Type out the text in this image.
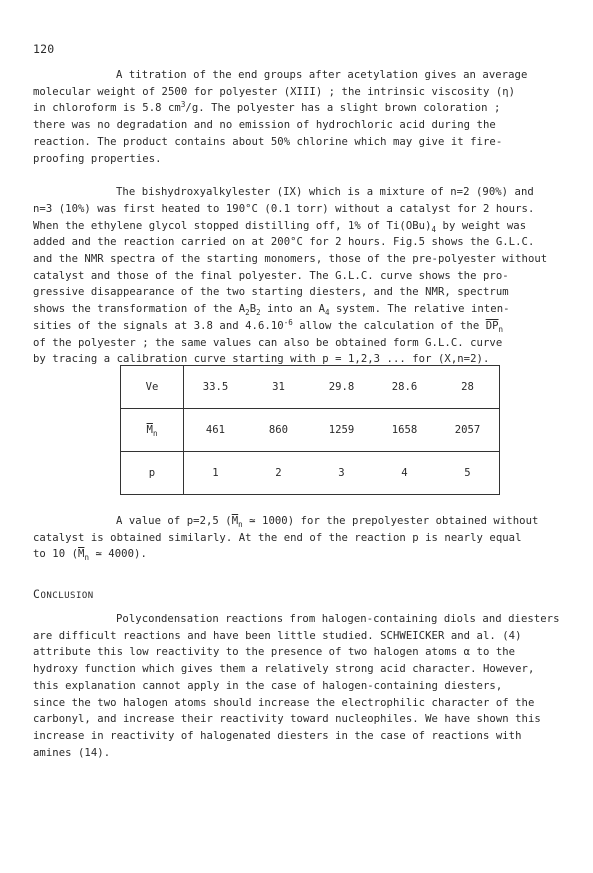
120
A titration of the end groups after acetylation gives an average
molecular weight of 2500 for polyester (XIII) ; the intrinsic viscosity (η)
in chloroform is 5.8 $cm^3/g$. The polyester has a slight brown coloration ;
there was no degradation and no emission of hydrochloric acid during the
reaction. The product contains about 50% chlorine which may give it fire-
proofing properties.
The bishydroxyalkylester (IX) which is a mixture of n=2 (90%) and
n=3 (10%) was first heated to 190°C (0.1 torr) without a catalyst for 2 hours.
When the ethylene glycol stopped distilling off, 1% of $Ti(OBu)_4$ by weight was
added and the reaction carried on at 200°C for 2 hours. Fig.5 shows the G.L.C.
and the NMR spectra of the starting monomers, those of the pre-polyester without
catalyst and those of the final polyester. The G.L.C. curve shows the pro-
gressive disappearance of the two starting diesters, and the NMR, spectrum
shows the transformation of the $A_2B_2$ into an $A_4$ system. The relative inten-
sities of the signals at 3.8 and $4.6.10^{-6}$ allow the calculation of the $\overline{DP}_n$
of the polyester ; the same values can also be obtained form G.L.C. curve
by tracing a calibration curve starting with p = 1,2,3 ... for (X,n=2).
Ve	33.5	31	29.8	28.6	28
$\overline{M}_n$	461	860	1259	1658	2057
p	1	2	3	4	5
A value of p=2,5 ($\overline{M}_n$ ≃ 1000) for the prepolyester obtained without
catalyst is obtained similarly. At the end of the reaction p is nearly equal
to 10 ($\overline{M}_n$ ≃ 4000).
CONCLUSION
Polycondensation reactions from halogen-containing diols and diesters
are difficult reactions and have been little studied. SCHWEICKER and al. (4)
attribute this low reactivity to the presence of two halogen atoms α to the
hydroxy function which gives them a relatively strong acid character. However,
this explanation cannot apply in the case of halogen-containing diesters,
since the two halogen atoms should increase the electrophilic character of the
carbonyl, and increase their reactivity toward nucleophiles. We have shown this
increase in reactivity of halogenated diesters in the case of reactions with
amines (14).
